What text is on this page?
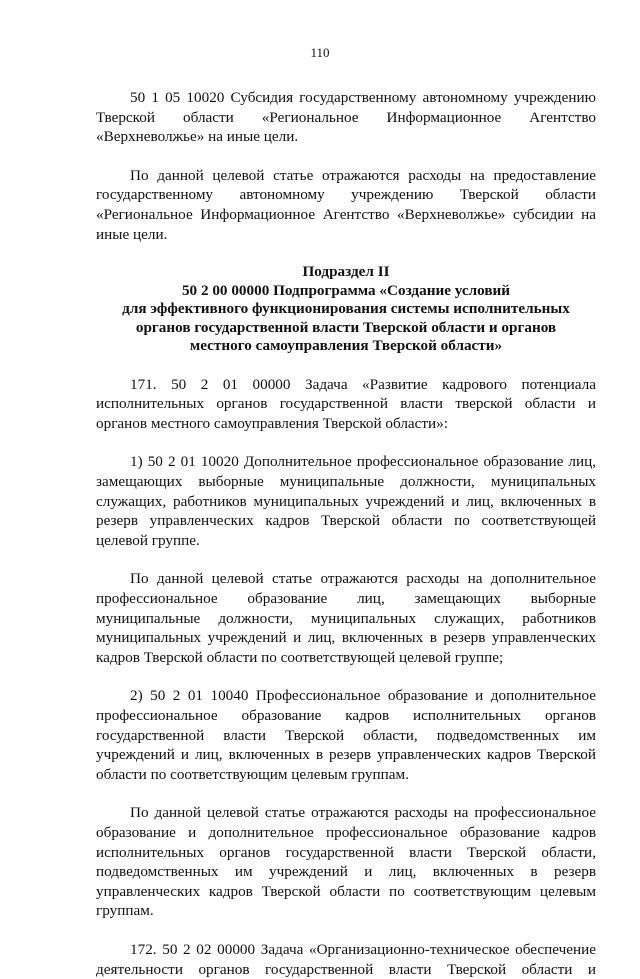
110

50 1 05 10020 Субсидия государственному автономному учреждению Тверской области «Региональное Информационное Агентство «Верхневолжье» на иные цели.

По данной целевой статье отражаются расходы на предоставление государственному автономному учреждению Тверской области «Региональное Информационное Агентство «Верхневолжье» субсидии на иные цели.

Подраздел II
50 2 00 00000 Подпрограмма «Создание условий
для эффективного функционирования системы исполнительных
органов государственной власти Тверской области и органов
местного самоуправления Тверской области»

171. 50 2 01 00000 Задача «Развитие кадрового потенциала исполнительных органов государственной власти тверской области и органов местного самоуправления Тверской области»:

1) 50 2 01 10020 Дополнительное профессиональное образование лиц, замещающих выборные муниципальные должности, муниципальных служащих, работников муниципальных учреждений и лиц, включенных в резерв управленческих кадров Тверской области по соответствующей целевой группе.

По данной целевой статье отражаются расходы на дополнительное профессиональное образование лиц, замещающих выборные муниципальные должности, муниципальных служащих, работников муниципальных учреждений и лиц, включенных в резерв управленческих кадров Тверской области по соответствующей целевой группе;

2) 50 2 01 10040 Профессиональное образование и дополнительное профессиональное образование кадров исполнительных органов государственной власти Тверской области, подведомственных им учреждений и лиц, включенных в резерв управленческих кадров Тверской области по соответствующим целевым группам.

По данной целевой статье отражаются расходы на профессиональное образование и дополнительное профессиональное образование кадров исполнительных органов государственной власти Тверской области, подведомственных им учреждений и лиц, включенных в резерв управленческих кадров Тверской области по соответствующим целевым группам.

172. 50 2 02 00000 Задача «Организационно-техническое обеспечение деятельности органов государственной власти Тверской области и
